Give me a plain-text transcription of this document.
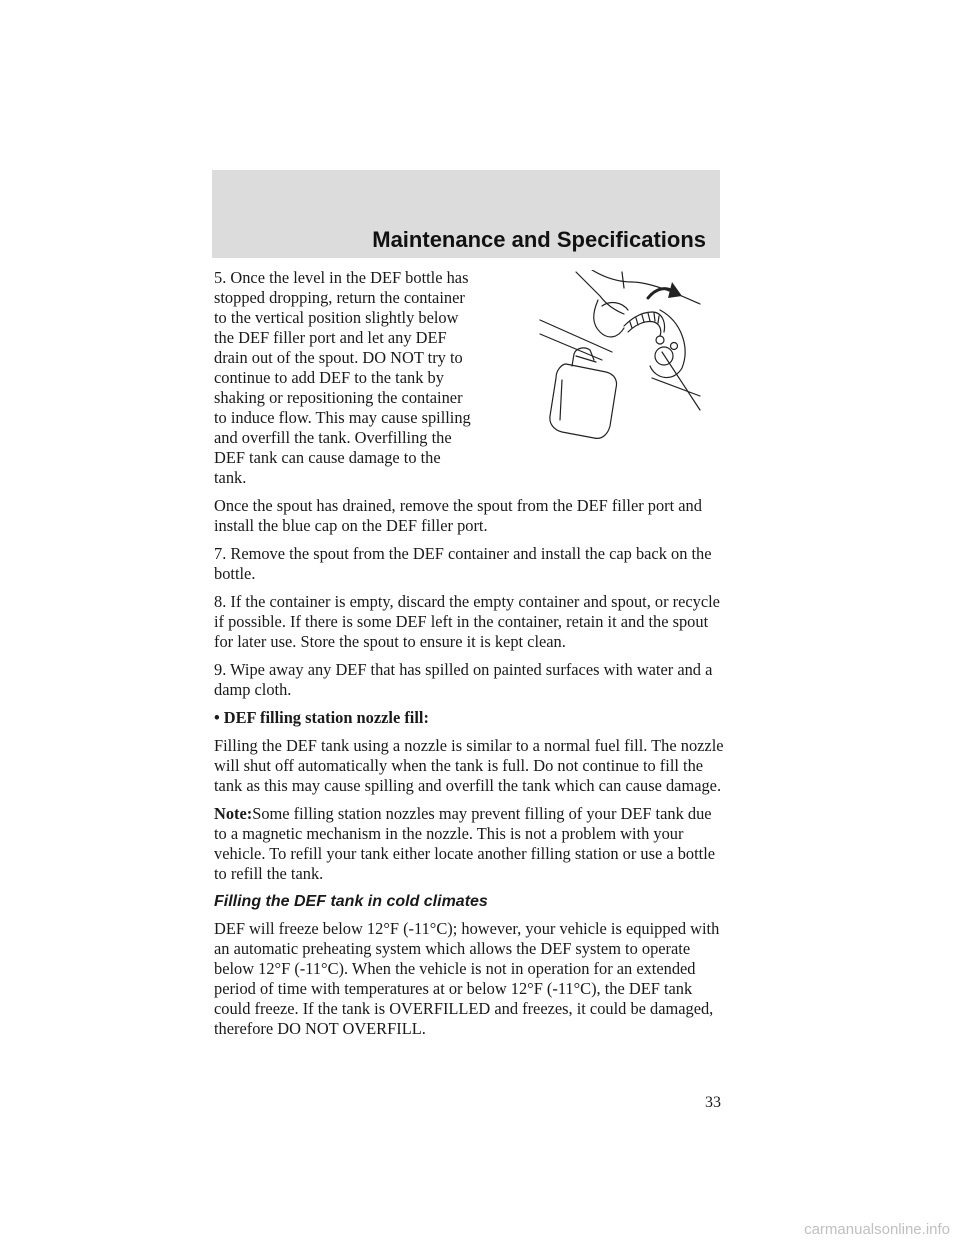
Maintenance and Specifications

5. Once the level in the DEF bottle has stopped dropping, return the container to the vertical position slightly below the DEF filler port and let any DEF drain out of the spout. DO NOT try to continue to add DEF to the tank by shaking or repositioning the container to induce flow. This may cause spilling and overfill the tank. Overfilling the DEF tank can cause damage to the tank.

Once the spout has drained, remove the spout from the DEF filler port and install the blue cap on the DEF filler port.

7. Remove the spout from the DEF container and install the cap back on the bottle.

8. If the container is empty, discard the empty container and spout, or recycle if possible. If there is some DEF left in the container, retain it and the spout for later use. Store the spout to ensure it is kept clean.

9. Wipe away any DEF that has spilled on painted surfaces with water and a damp cloth.

• DEF filling station nozzle fill:

Filling the DEF tank using a nozzle is similar to a normal fuel fill. The nozzle will shut off automatically when the tank is full. Do not continue to fill the tank as this may cause spilling and overfill the tank which can cause damage.

Note:Some filling station nozzles may prevent filling of your DEF tank due to a magnetic mechanism in the nozzle. This is not a problem with your vehicle. To refill your tank either locate another filling station or use a bottle to refill the tank.

Filling the DEF tank in cold climates

DEF will freeze below 12°F (-11°C); however, your vehicle is equipped with an automatic preheating system which allows the DEF system to operate below 12°F (-11°C). When the vehicle is not in operation for an extended period of time with temperatures at or below 12°F (-11°C), the DEF tank could freeze. If the tank is OVERFILLED and freezes, it could be damaged, therefore DO NOT OVERFILL.

33
carmanualsonline.info
